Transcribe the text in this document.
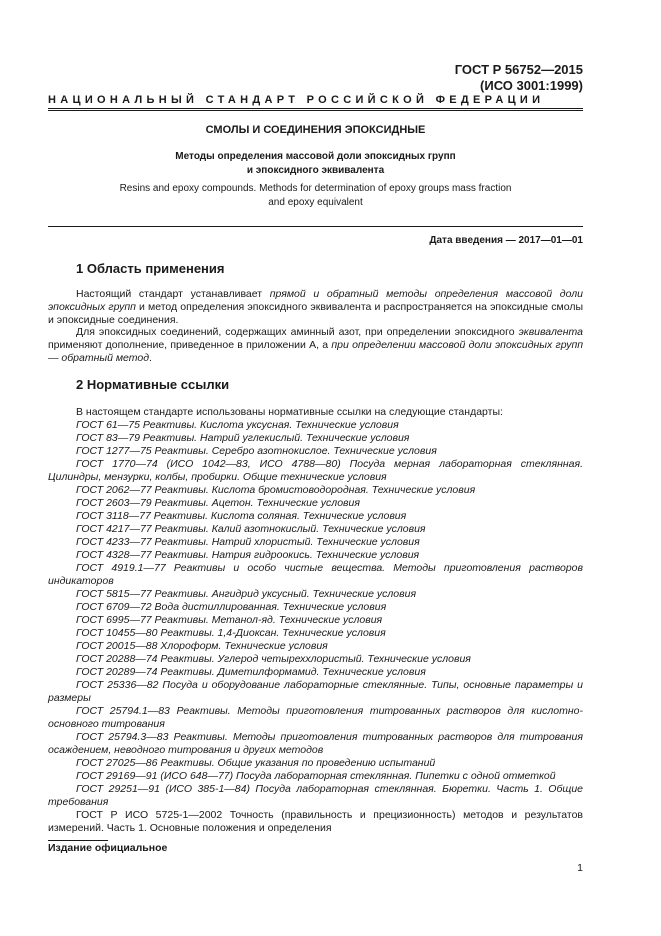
ГОСТ Р 56752—2015
(ИСО 3001:1999)
НАЦИОНАЛЬНЫЙ СТАНДАРТ РОССИЙСКОЙ ФЕДЕРАЦИИ
СМОЛЫ И СОЕДИНЕНИЯ ЭПОКСИДНЫЕ
Методы определения массовой доли эпоксидных групп
и эпоксидного эквивалента
Resins and epoxy compounds. Methods for determination of epoxy groups mass fraction
and epoxy equivalent
Дата введения — 2017—01—01
1 Область применения
Настоящий стандарт устанавливает прямой и обратный методы определения массовой доли эпоксидных групп и метод определения эпоксидного эквивалента и распространяется на эпоксидные смолы и эпоксидные соединения.
Для эпоксидных соединений, содержащих аминный азот, при определении эпоксидного эквивалента применяют дополнение, приведенное в приложении А, а при определении массовой доли эпоксидных групп — обратный метод.
2 Нормативные ссылки
В настоящем стандарте использованы нормативные ссылки на следующие стандарты:
ГОСТ 61—75 Реактивы. Кислота уксусная. Технические условия
ГОСТ 83—79 Реактивы. Натрий углекислый. Технические условия
ГОСТ 1277—75 Реактивы. Серебро азотнокислое. Технические условия
ГОСТ 1770—74 (ИСО 1042—83, ИСО 4788—80) Посуда мерная лабораторная стеклянная. Цилиндры, мензурки, колбы, пробирки. Общие технические условия
ГОСТ 2062—77 Реактивы. Кислота бромистоводородная. Технические условия
ГОСТ 2603—79 Реактивы. Ацетон. Технические условия
ГОСТ 3118—77 Реактивы. Кислота соляная. Технические условия
ГОСТ 4217—77 Реактивы. Калий азотнокислый. Технические условия
ГОСТ 4233—77 Реактивы. Натрий хлористый. Технические условия
ГОСТ 4328—77 Реактивы. Натрия гидроокись. Технические условия
ГОСТ 4919.1—77 Реактивы и особо чистые вещества. Методы приготовления растворов индикаторов
ГОСТ 5815—77 Реактивы. Ангидрид уксусный. Технические условия
ГОСТ 6709—72 Вода дистиллированная. Технические условия
ГОСТ 6995—77 Реактивы. Метанол-яд. Технические условия
ГОСТ 10455—80 Реактивы. 1,4-Диоксан. Технические условия
ГОСТ 20015—88 Хлороформ. Технические условия
ГОСТ 20288—74 Реактивы. Углерод четыреххлористый. Технические условия
ГОСТ 20289—74 Реактивы. Диметилформамид. Технические условия
ГОСТ 25336—82 Посуда и оборудование лабораторные стеклянные. Типы, основные параметры и размеры
ГОСТ 25794.1—83 Реактивы. Методы приготовления титрованных растворов для кислотно-основного титрования
ГОСТ 25794.3—83 Реактивы. Методы приготовления титрованных растворов для титрования осаждением, неводного титрования и других методов
ГОСТ 27025—86 Реактивы. Общие указания по проведению испытаний
ГОСТ 29169—91 (ИСО 648—77) Посуда лабораторная стеклянная. Пипетки с одной отметкой
ГОСТ 29251—91 (ИСО 385-1—84) Посуда лабораторная стеклянная. Бюретки. Часть 1. Общие требования
ГОСТ Р ИСО 5725-1—2002 Точность (правильность и прецизионность) методов и результатов измерений. Часть 1. Основные положения и определения
Издание официальное
1
